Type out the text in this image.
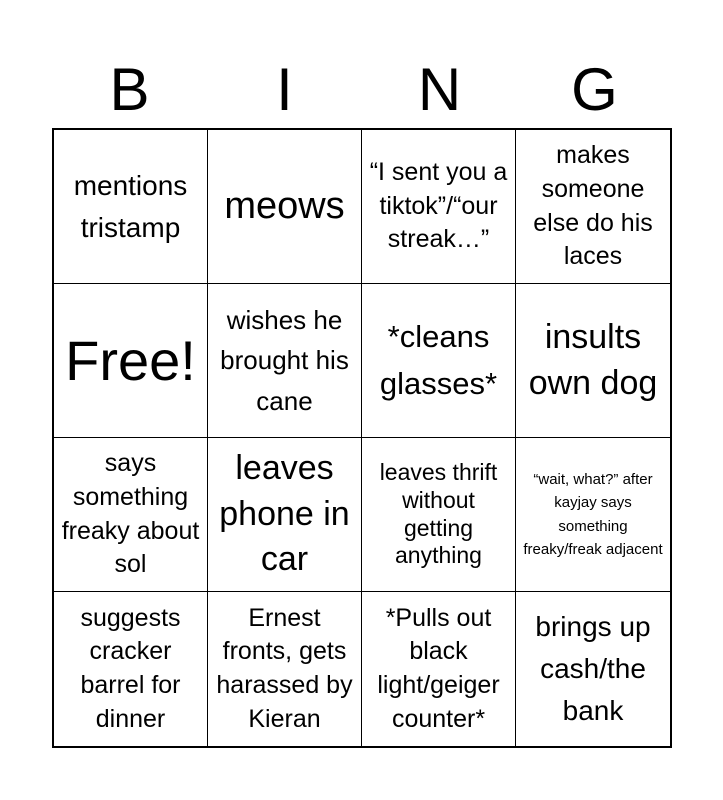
B	I	N	G
mentions tristamp
meows
“I sent you a tiktok”/“our streak…”
makes someone else do his laces
Free!
wishes he brought his cane
*cleans glasses*
insults own dog
says something freaky about sol
leaves phone in car
leaves thrift without getting anything
“wait, what?” after kayjay says something freaky/freak adjacent
suggests cracker barrel for dinner
Ernest fronts, gets harassed by Kieran
*Pulls out black light/geiger counter*
brings up cash/the bank
